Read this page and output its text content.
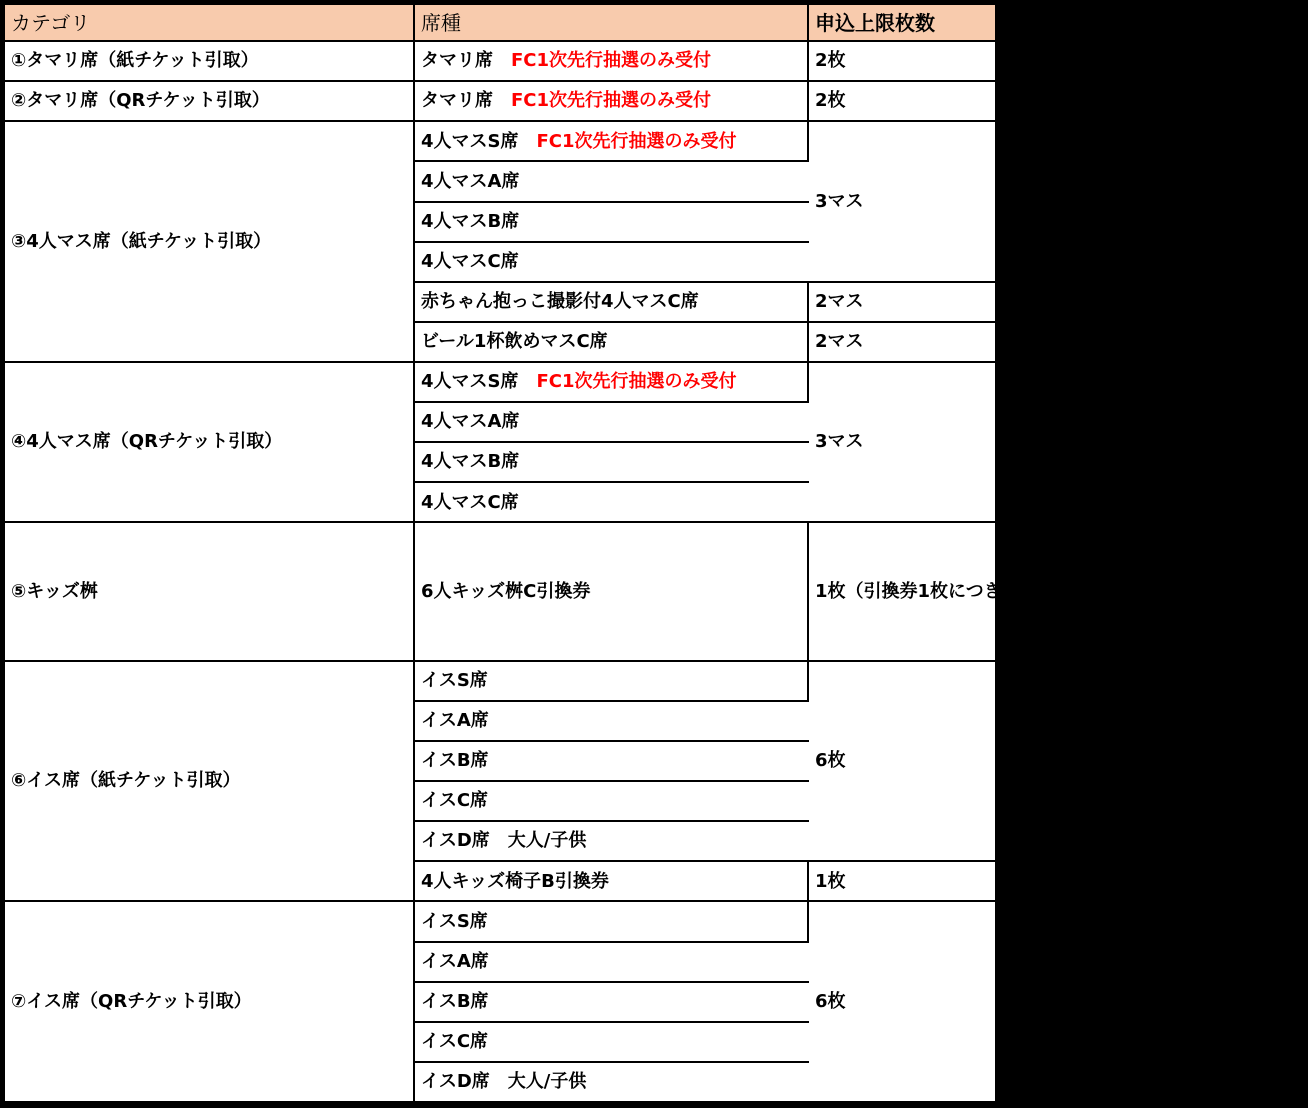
カテゴリ	席種	申込上限枚数
①タマリ席（紙チケット引取）	タマリ席 FC1次先行抽選のみ受付	2枚
②タマリ席（QRチケット引取）	タマリ席 FC1次先行抽選のみ受付	2枚
③4人マス席（紙チケット引取）	4人マスS席 FC1次先行抽選のみ受付	3マス
	4人マスA席	
	4人マスB席	
	4人マスC席	
	赤ちゃん抱っこ撮影付4人マスC席	2マス
	ビール1杯飲めマスC席	2マス
④4人マス席（QRチケット引取）	4人マスS席 FC1次先行抽選のみ受付	3マス
	4人マスA席	
	4人マスB席	
	4人マスC席	
⑤キッズ桝	6人キッズ桝C引換券	1枚（引換券1枚につきご購入人数分のマス席入場券と引換）
⑥イス席（紙チケット引取）	イスS席	6枚
	イスA席	
	イスB席	
	イスC席	
	イスD席　大人/子供	
	4人キッズ椅子B引換券	1枚
⑦イス席（QRチケット引取）	イスS席	6枚
	イスA席	
	イスB席	
	イスC席	
	イスD席　大人/子供	
